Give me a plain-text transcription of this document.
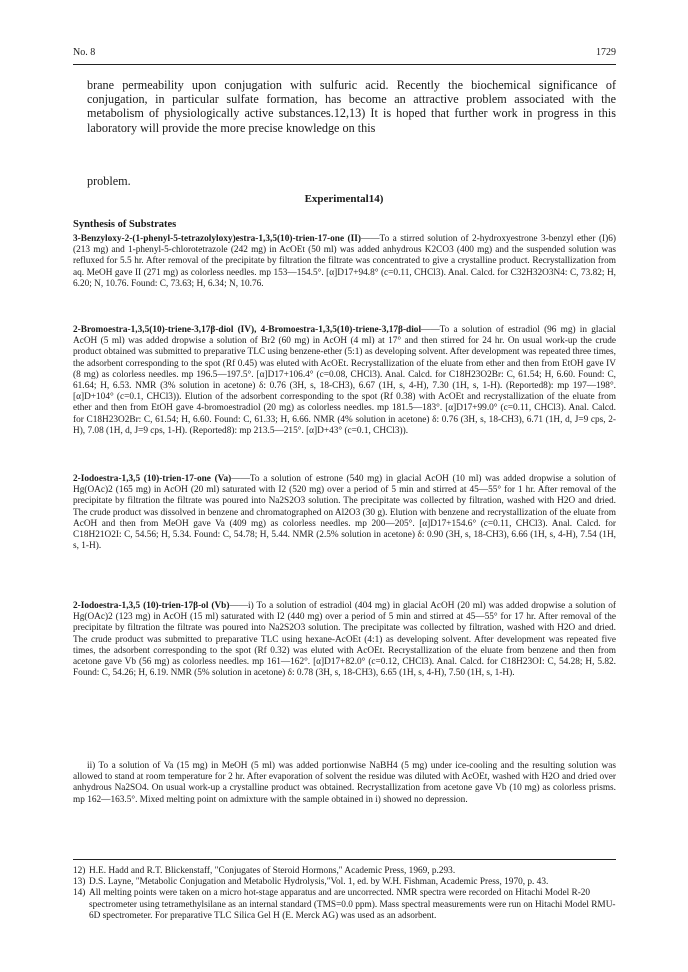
No. 8	1729

brane permeability upon conjugation with sulfuric acid. Recently the biochemical significance of conjugation, in particular sulfate formation, has become an attractive problem associated with the metabolism of physiologically active substances.12,13) It is hoped that further work in progress in this laboratory will provide the more precise knowledge on this

problem.
Experimental14)
Synthesis of Substrates

3-Benzyloxy-2-(1-phenyl-5-tetrazolyloxy)estra-1,3,5(10)-trien-17-one (II)——To a stirred solution of 2-hydroxyestrone 3-benzyl ether (I)6) (213 mg) and 1-phenyl-5-chlorotetrazole (242 mg) in AcOEt (50 ml) was added anhydrous K2CO3 (400 mg) and the suspended solution was refluxed for 5.5 hr. After removal of the precipitate by filtration the filtrate was concentrated to give a crystalline product. Recrystallization from aq. MeOH gave II (271 mg) as colorless needles. mp 153—154.5°. [α]D17+94.8° (c=0.11, CHCl3). Anal. Calcd. for C32H32O3N4: C, 73.82; H, 6.20; N, 10.76. Found: C, 73.63; H, 6.34; N, 10.76.

2-Bromoestra-1,3,5(10)-triene-3,17β-diol (IV), 4-Bromoestra-1,3,5(10)-triene-3,17β-diol——To a solution of estradiol (96 mg) in glacial AcOH (5 ml) was added dropwise a solution of Br2 (60 mg) in AcOH (4 ml) at 17° and then stirred for 24 hr. On usual work-up the crude product obtained was submitted to preparative TLC using benzene-ether (5:1) as developing solvent. After development was repeated three times, the adsorbent corresponding to the spot (Rf 0.45) was eluted with AcOEt. Recrystallization of the eluate from ether and then from EtOH gave IV (8 mg) as colorless needles. mp 196.5—197.5°. [α]D17+106.4° (c=0.08, CHCl3). Anal. Calcd. for C18H23O2Br: C, 61.54; H, 6.60. Found: C, 61.64; H, 6.53. NMR (3% solution in acetone) δ: 0.76 (3H, s, 18-CH3), 6.67 (1H, s, 4-H), 7.30 (1H, s, 1-H). (Reported8): mp 197—198°. [α]D+104° (c=0.1, CHCl3)). Elution of the adsorbent corresponding to the spot (Rf 0.38) with AcOEt and recrystallization of the eluate from ether and then from EtOH gave 4-bromoestradiol (20 mg) as colorless needles. mp 181.5—183°. [α]D17+99.0° (c=0.11, CHCl3). Anal. Calcd. for C18H23O2Br: C, 61.54; H, 6.60. Found: C, 61.33; H, 6.66. NMR (4% solution in acetone) δ: 0.76 (3H, s, 18-CH3), 6.71 (1H, d, J=9 cps, 2-H), 7.08 (1H, d, J=9 cps, 1-H). (Reported8): mp 213.5—215°. [α]D+43° (c=0.1, CHCl3)).

2-Iodoestra-1,3,5 (10)-trien-17-one (Va)——To a solution of estrone (540 mg) in glacial AcOH (10 ml) was added dropwise a solution of Hg(OAc)2 (165 mg) in AcOH (20 ml) saturated with I2 (520 mg) over a period of 5 min and stirred at 45—55° for 1 hr. After removal of the precipitate by filtration the filtrate was poured into Na2S2O3 solution. The precipitate was collected by filtration, washed with H2O and dried. The crude product was dissolved in benzene and chromatographed on Al2O3 (30 g). Elution with benzene and recrystallization of the eluate from AcOH and then from MeOH gave Va (409 mg) as colorless needles. mp 200—205°. [α]D17+154.6° (c=0.11, CHCl3). Anal. Calcd. for C18H21O2I: C, 54.56; H, 5.34. Found: C, 54.78; H, 5.44. NMR (2.5% solution in acetone) δ: 0.90 (3H, s, 18-CH3), 6.66 (1H, s, 4-H), 7.54 (1H, s, 1-H).

2-Iodoestra-1,3,5 (10)-trien-17β-ol (Vb)——i) To a solution of estradiol (404 mg) in glacial AcOH (20 ml) was added dropwise a solution of Hg(OAc)2 (123 mg) in AcOH (15 ml) saturated with I2 (440 mg) over a period of 5 min and stirred at 45—55° for 17 hr. After removal of the precipitate by filtration the filtrate was poured into Na2S2O3 solution. The precipitate was collected by filtration, washed with H2O and dried. The crude product was submitted to preparative TLC using hexane-AcOEt (4:1) as developing solvent. After development was repeated five times, the adsorbent corresponding to the spot (Rf 0.32) was eluted with AcOEt. Recrystallization of the eluate from benzene and then from acetone gave Vb (56 mg) as colorless needles. mp 161—162°. [α]D17+82.0° (c=0.12, CHCl3). Anal. Calcd. for C18H23OI: C, 54.28; H, 5.82. Found: C, 54.26; H, 6.19. NMR (5% solution in acetone) δ: 0.78 (3H, s, 18-CH3), 6.65 (1H, s, 4-H), 7.50 (1H, s, 1-H).

ii) To a solution of Va (15 mg) in MeOH (5 ml) was added portionwise NaBH4 (5 mg) under ice-cooling and the resulting solution was allowed to stand at room temperature for 2 hr. After evaporation of solvent the residue was diluted with AcOEt, washed with H2O and dried over anhydrous Na2SO4. On usual work-up a crystalline product was obtained. Recrystallization from acetone gave Vb (10 mg) as colorless prisms. mp 162—163.5°. Mixed melting point on admixture with the sample obtained in i) showed no depression.

12) H.E. Hadd and R.T. Blickenstaff, "Conjugates of Steroid Hormons," Academic Press, 1969, p.293.

13) D.S. Layne, "Metabolic Conjugation and Metabolic Hydrolysis,"Vol. 1, ed. by W.H. Fishman, Academic Press, 1970, p. 43.

14) All melting points were taken on a micro hot-stage apparatus and are uncorrected. NMR spectra were recorded on Hitachi Model R-20 spectrometer using tetramethylsilane as an internal standard (TMS=0.0 ppm). Mass spectral measurements were run on Hitachi Model RMU-6D spectrometer. For preparative TLC Silica Gel H (E. Merck AG) was used as an adsorbent.
